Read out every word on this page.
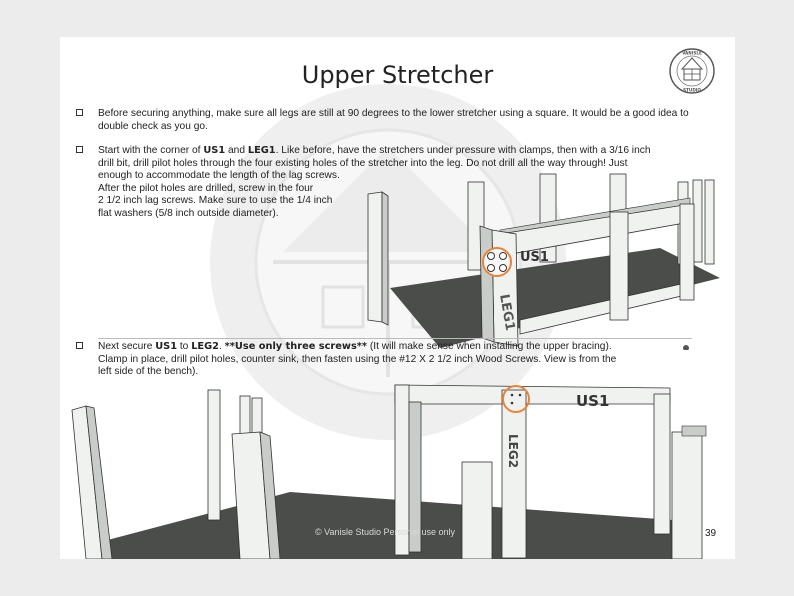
VANISLE
STUDIO
Upper Stretcher
Before securing anything, make sure all legs are still at 90 degrees to the lower stretcher using a square. It would be a good idea to double check as you go.
Start with the corner of US1 and LEG1. Like before, have the stretchers under pressure with clamps, then with a 3/16 inch
drill bit, drill pilot holes through the four existing holes of the stretcher into the leg. Do not drill all the way through! Just
enough to accommodate the length of the lag screws.
After the pilot holes are drilled, screw in the four
2 1/2 inch lag screws. Make sure to use the 1/4 inch
flat washers (5/8 inch outside diameter).
US1
LEG1
Next secure US1 to LEG2. **Use only three screws** (It will make sense when installing the upper bracing).
Clamp in place, drill pilot holes, counter sink, then fasten using the #12 X 2 1/2 inch Wood Screws. View is from the
left side of the bench).
US1
LEG2
© Vanisle Studio Personal use only	39
